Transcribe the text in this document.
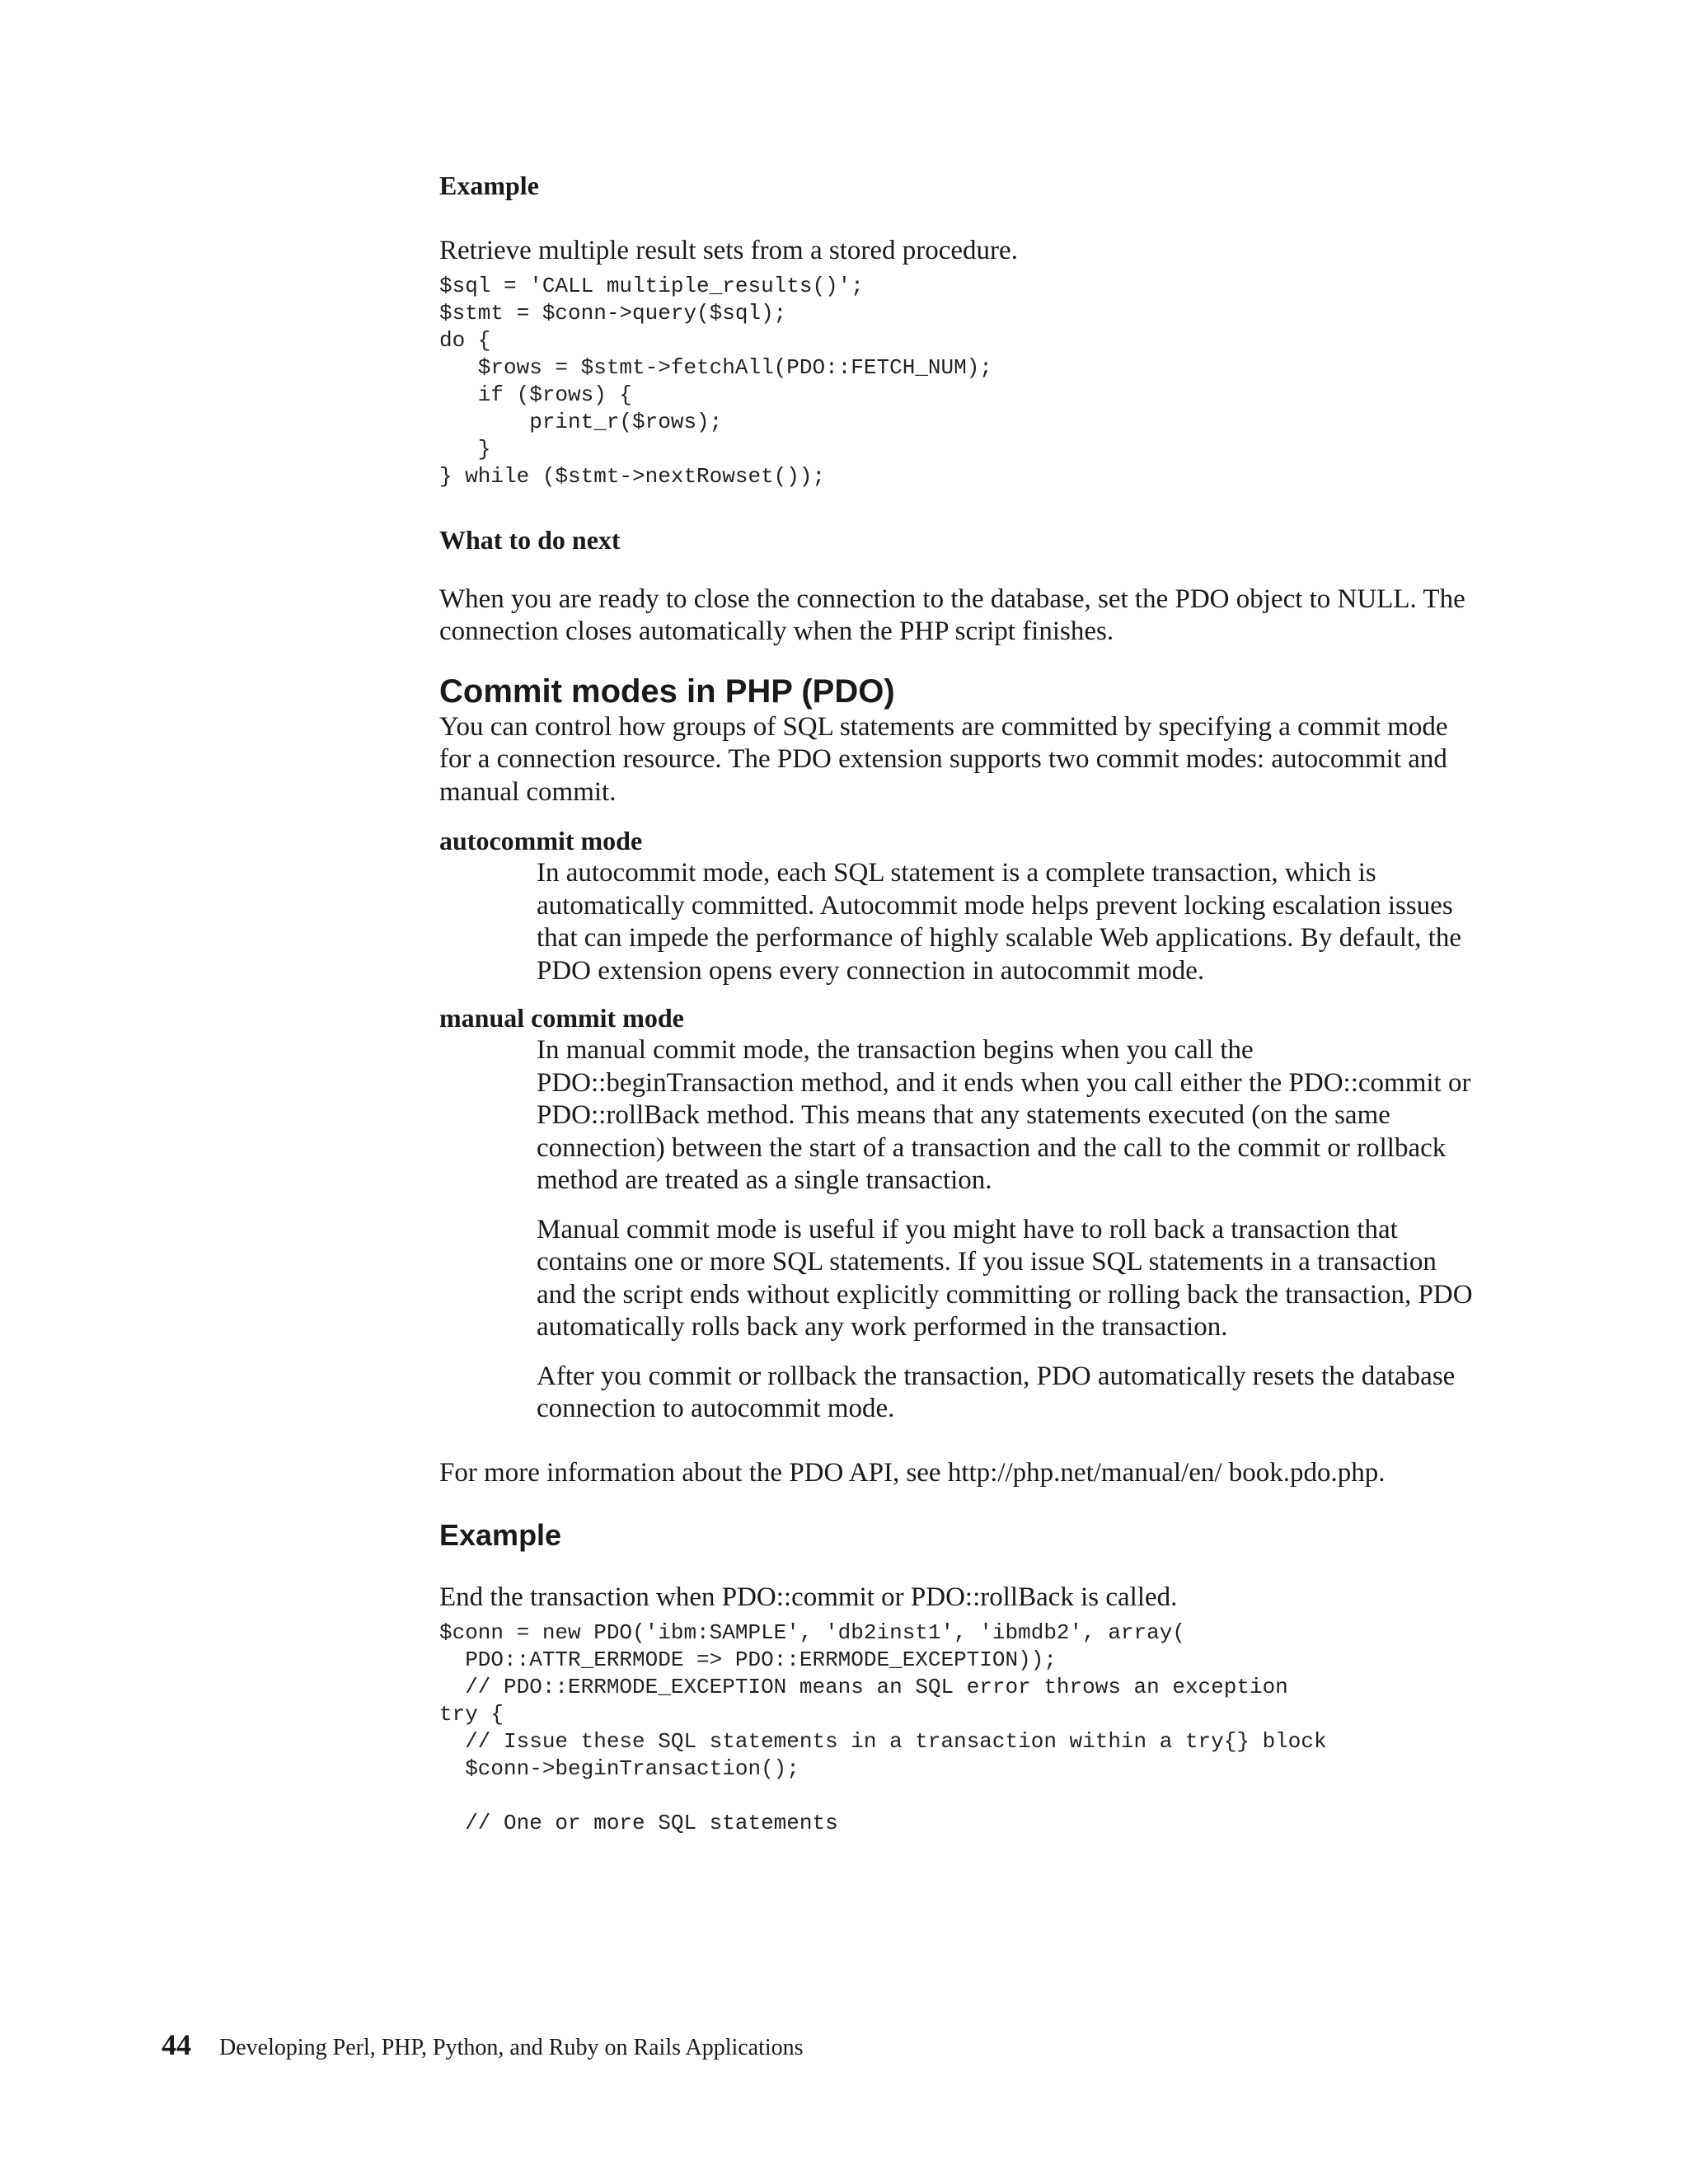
Example

Retrieve multiple result sets from a stored procedure.

$sql = 'CALL multiple_results()';
$stmt = $conn->query($sql);
do {
$rows = $stmt->fetchAll(PDO::FETCH_NUM);
if ($rows) {
print_r($rows);
}
} while ($stmt->nextRowset());
What to do next

When you are ready to close the connection to the database, set the PDO object to NULL. The connection closes automatically when the PHP script finishes.

Commit modes in PHP (PDO)

You can control how groups of SQL statements are committed by specifying a commit mode for a connection resource. The PDO extension supports two commit modes: autocommit and manual commit.

autocommit mode

In autocommit mode, each SQL statement is a complete transaction, which is automatically committed. Autocommit mode helps prevent locking escalation issues that can impede the performance of highly scalable Web applications. By default, the PDO extension opens every connection in autocommit mode.

manual commit mode

In manual commit mode, the transaction begins when you call the PDO::beginTransaction method, and it ends when you call either the PDO::commit or PDO::rollBack method. This means that any statements executed (on the same connection) between the start of a transaction and the call to the commit or rollback method are treated as a single transaction.

Manual commit mode is useful if you might have to roll back a transaction that contains one or more SQL statements. If you issue SQL statements in a transaction and the script ends without explicitly committing or rolling back the transaction, PDO automatically rolls back any work performed in the transaction.

After you commit or rollback the transaction, PDO automatically resets the database connection to autocommit mode.

For more information about the PDO API, see http://php.net/manual/en/ book.pdo.php.

Example

End the transaction when PDO::commit or PDO::rollBack is called.

$conn = new PDO('ibm:SAMPLE', 'db2inst1', 'ibmdb2', array(
PDO::ATTR_ERRMODE => PDO::ERRMODE_EXCEPTION));
// PDO::ERRMODE_EXCEPTION means an SQL error throws an exception
try {
// Issue these SQL statements in a transaction within a try{} block
$conn->beginTransaction();

// One or more SQL statements
44 Developing Perl, PHP, Python, and Ruby on Rails Applications
